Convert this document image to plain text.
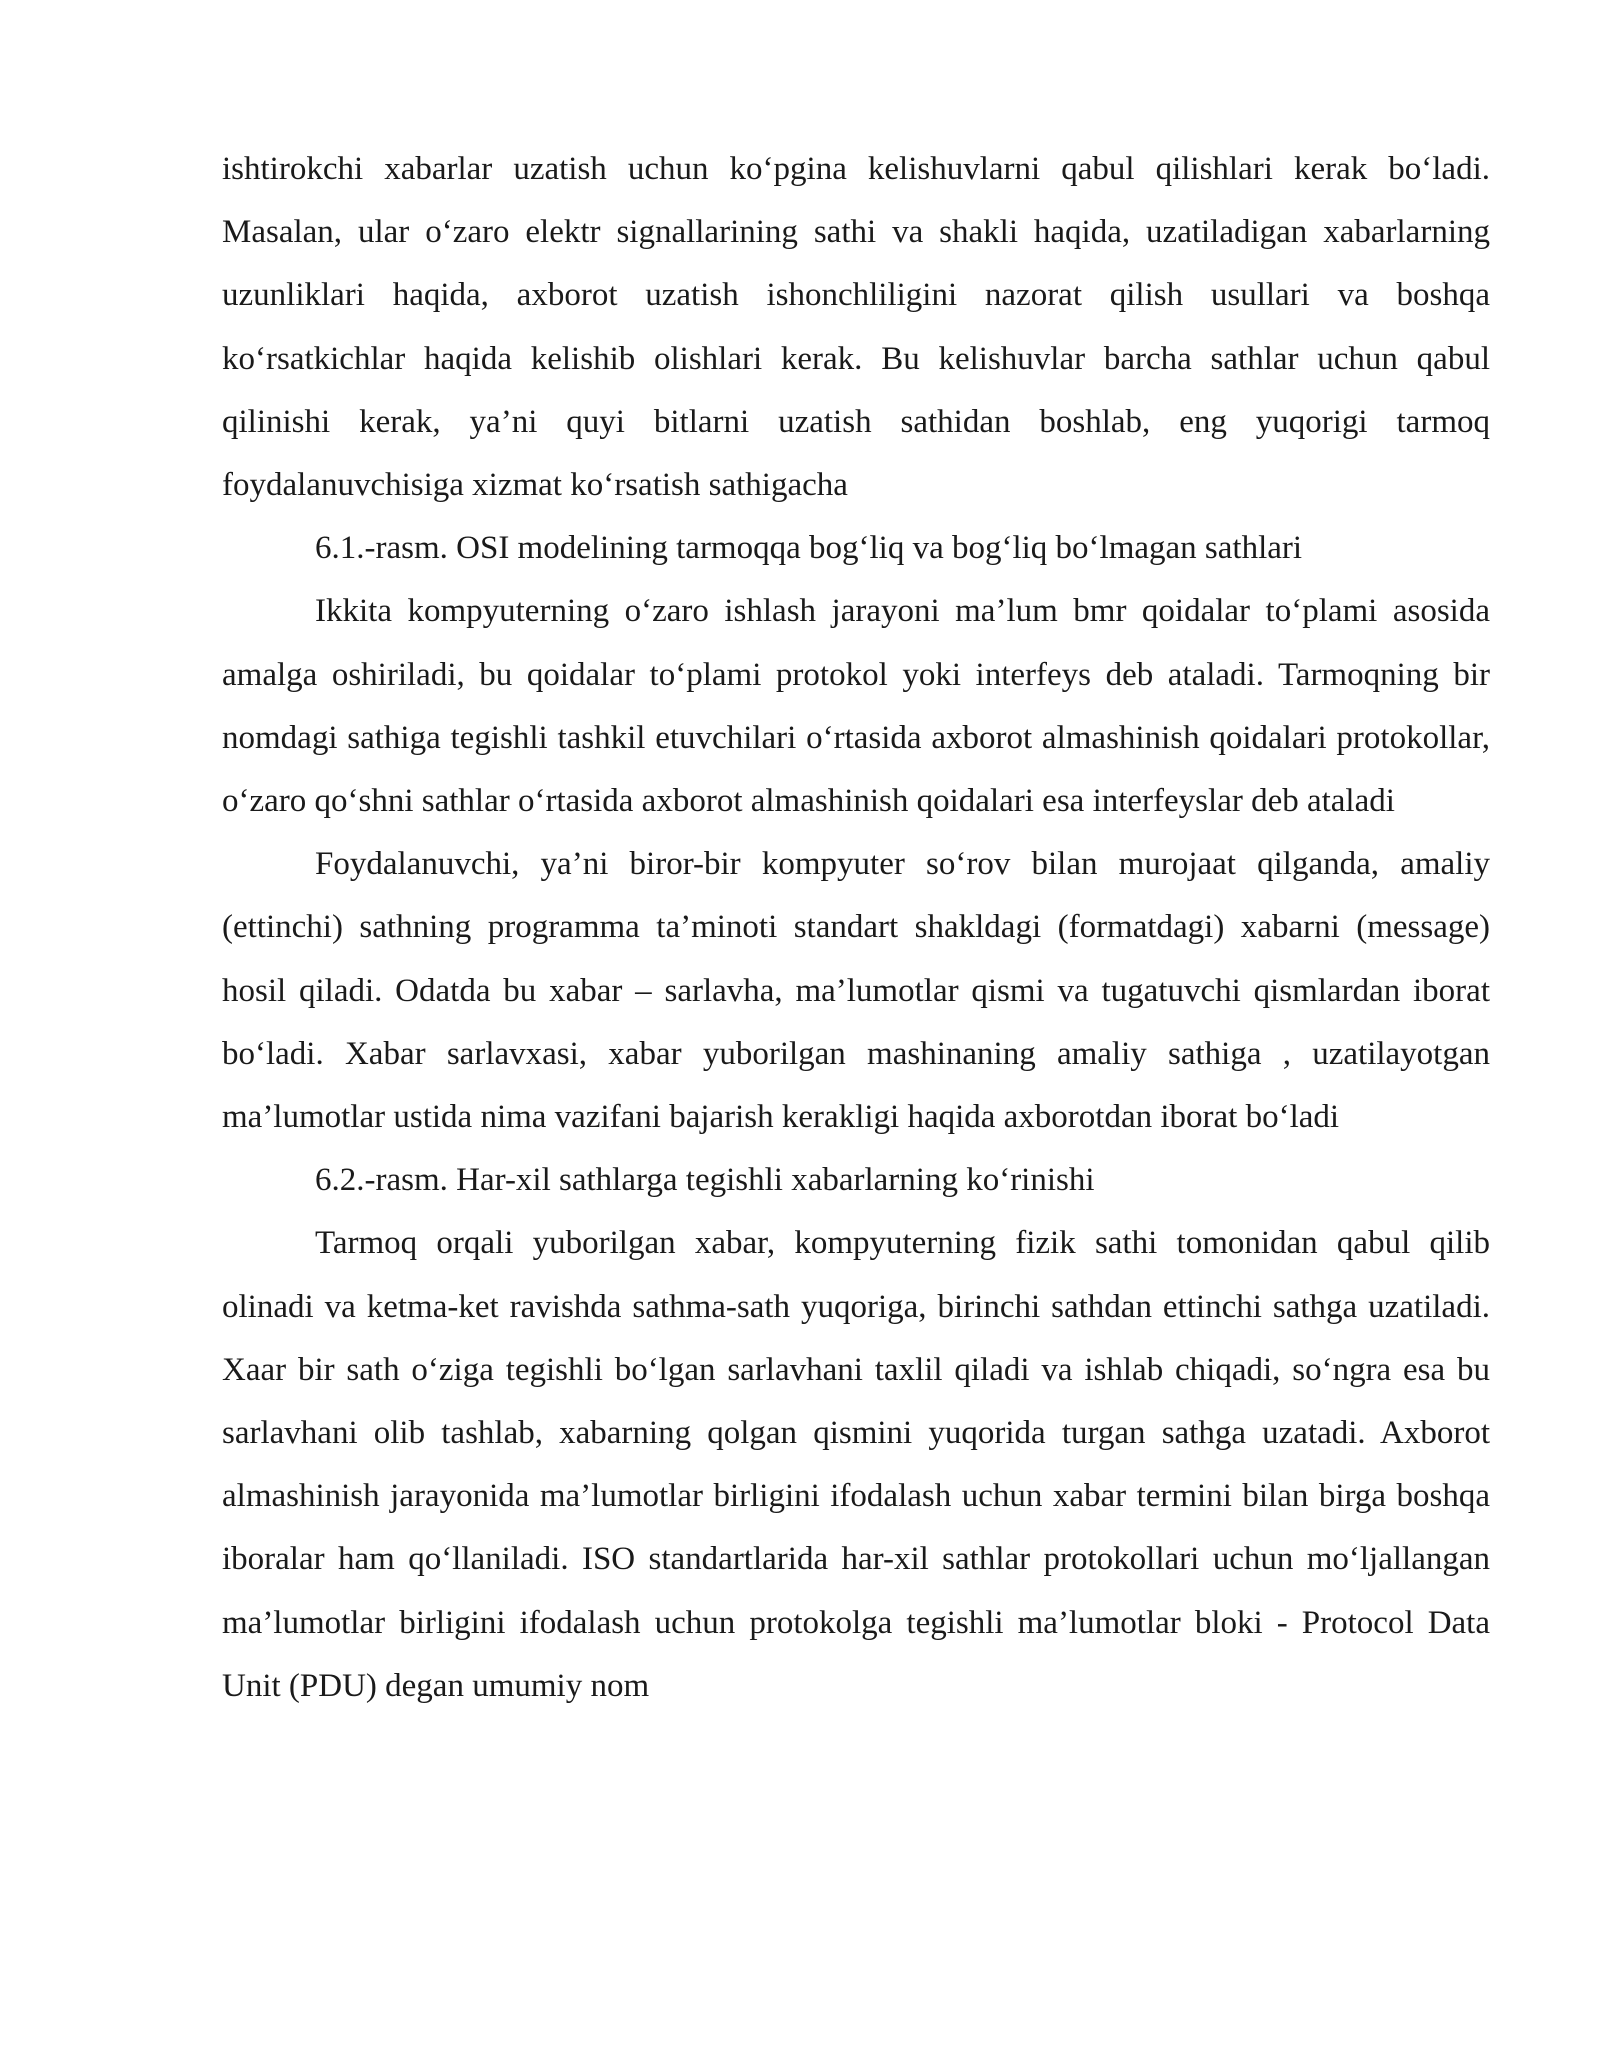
ishtirokchi xabarlar uzatish uchun ko‘pgina kelishuvlarni qabul qilishlari kerak bo‘ladi. Masalan, ular o‘zaro elektr signallarining sathi va shakli haqida, uzatiladigan xabarlarning uzunliklari haqida, axborot uzatish ishonchliligini nazorat qilish usullari va boshqa ko‘rsatkichlar haqida kelishib olishlari kerak. Bu kelishuvlar barcha sathlar uchun qabul qilinishi kerak, ya’ni quyi bitlarni uzatish sathidan boshlab, eng yuqorigi tarmoq foydalanuvchisiga xizmat ko‘rsatish sathigacha

6.1.-rasm. OSI modelining tarmoqqa bog‘liq va bog‘liq bo‘lmagan sathlari

Ikkita kompyuterning o‘zaro ishlash jarayoni ma’lum bmr qoidalar to‘plami asosida amalga oshiriladi, bu qoidalar to‘plami protokol yoki interfeys deb ataladi. Tarmoqning bir nomdagi sathiga tegishli tashkil etuvchilari o‘rtasida axborot almashinish qoidalari protokollar, o‘zaro qo‘shni sathlar o‘rtasida axborot almashinish qoidalari esa interfeyslar deb ataladi

Foydalanuvchi, ya’ni biror-bir kompyuter so‘rov bilan murojaat qilganda, amaliy (ettinchi) sathning programma ta’minoti standart shakldagi (formatdagi) xabarni (message) hosil qiladi. Odatda bu xabar – sarlavha, ma’lumotlar qismi va tugatuvchi qismlardan iborat bo‘ladi. Xabar sarlavxasi, xabar yuborilgan mashinaning amaliy sathiga , uzatilayotgan ma’lumotlar ustida nima vazifani bajarish kerakligi haqida axborotdan iborat bo‘ladi

6.2.-rasm. Har-xil sathlarga tegishli xabarlarning ko‘rinishi

Tarmoq orqali yuborilgan xabar, kompyuterning fizik sathi tomonidan qabul qilib olinadi va ketma-ket ravishda sathma-sath yuqoriga, birinchi sathdan ettinchi sathga uzatiladi. Xaar bir sath o‘ziga tegishli bo‘lgan sarlavhani taxlil qiladi va ishlab chiqadi, so‘ngra esa bu sarlavhani olib tashlab, xabarning qolgan qismini yuqorida turgan sathga uzatadi. Axborot almashinish jarayonida ma’lumotlar birligini ifodalash uchun xabar termini bilan birga boshqa iboralar ham qo‘llaniladi. ISO standartlarida har-xil sathlar protokollari uchun mo‘ljallangan ma’lumotlar birligini ifodalash uchun protokolga tegishli ma’lumotlar bloki - Protocol Data Unit (PDU) degan umumiy nom
